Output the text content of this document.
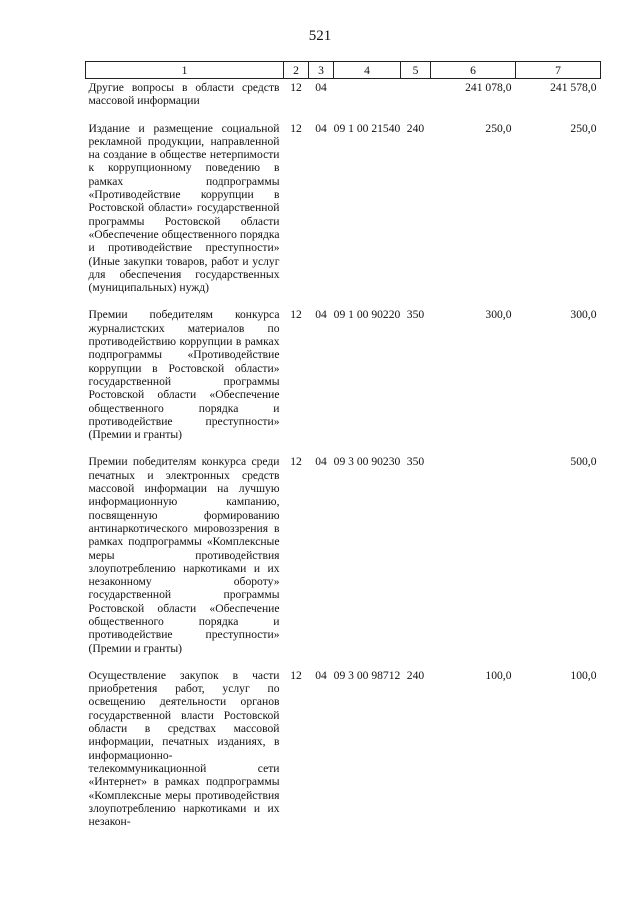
521
1	2	3	4	5	6	7
Другие вопросы в области средств массовой информации	12	04			241 078,0	241 578,0

Издание и размещение социальной рекламной продукции, направленной на создание в обществе нетерпимости к коррупционному поведению в рамках подпрограммы «Противодействие коррупции в Ростовской области» государственной программы Ростовской области «Обеспечение общественного порядка и противодействие преступности» (Иные закупки товаров, работ и услуг для обеспечения государственных (муниципальных) нужд)	12	04	09 1 00 21540	240	250,0	250,0

Премии победителям конкурса журналистских материалов по противодействию коррупции в рамках подпрограммы «Противодействие коррупции в Ростовской области» государственной программы Ростовской области «Обеспечение общественного порядка и противодействие преступности» (Премии и гранты)	12	04	09 1 00 90220	350	300,0	300,0

Премии победителям конкурса среди печатных и электронных средств массовой информации на лучшую информационную кампанию, посвященную формированию антинаркотического мировоззрения в рамках подпрограммы «Комплексные меры противодействия злоупотреблению наркотиками и их незаконному обороту» государственной программы Ростовской области «Обеспечение общественного порядка и противодействие преступности» (Премии и гранты)	12	04	09 3 00 90230	350		500,0

Осуществление закупок в части приобретения работ, услуг по освещению деятельности органов государственной власти Ростовской области в средствах массовой информации, печатных изданиях, в информационно-телекоммуникационной сети «Интернет» в рамках подпрограммы «Комплексные меры противодействия злоупотреблению наркотиками и их незакон-	12	04	09 3 00 98712	240	100,0	100,0
